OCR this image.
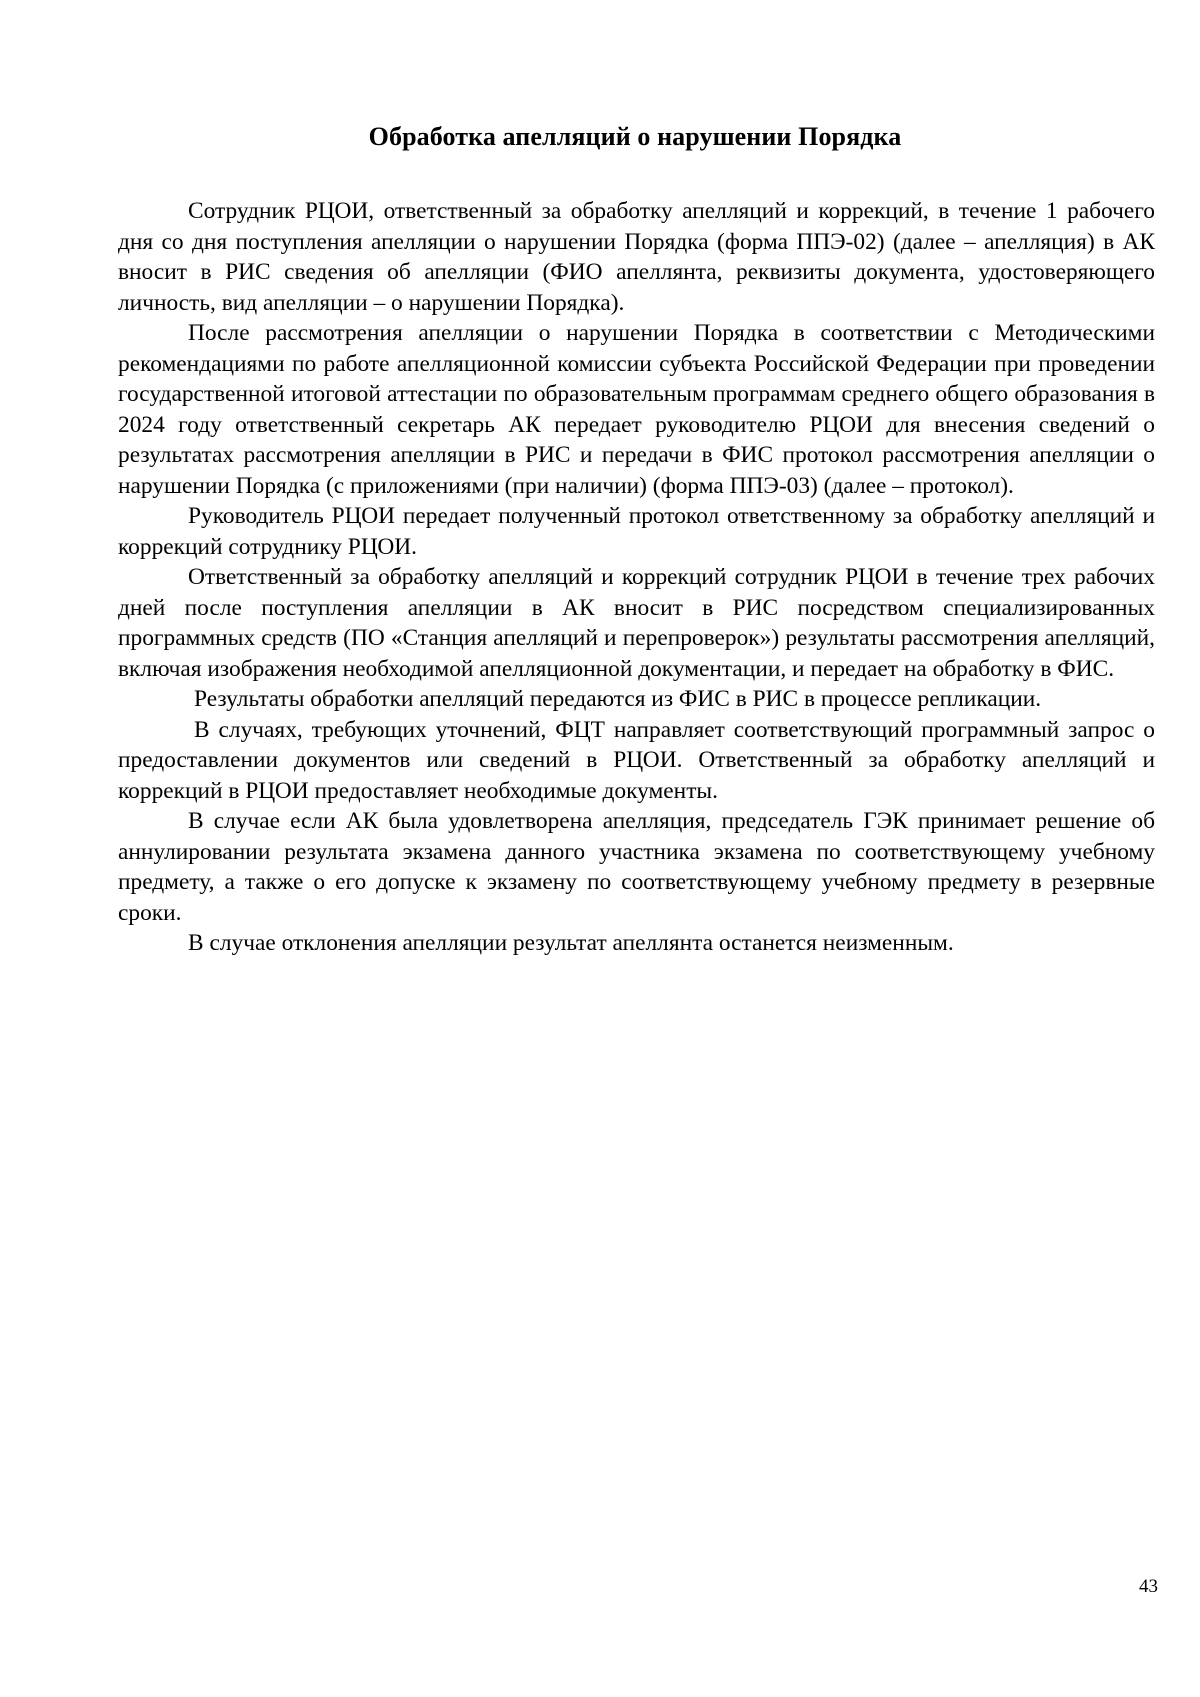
Обработка апелляций о нарушении Порядка

Сотрудник РЦОИ, ответственный за обработку апелляций и коррекций, в течение 1 рабочего дня со дня поступления апелляции о нарушении Порядка (форма ППЭ-02) (далее – апелляция) в АК вносит в РИС сведения об апелляции (ФИО апеллянта, реквизиты документа, удостоверяющего личность, вид апелляции – о нарушении Порядка).

После рассмотрения апелляции о нарушении Порядка в соответствии с Методическими рекомендациями по работе апелляционной комиссии субъекта Российской Федерации при проведении государственной итоговой аттестации по образовательным программам среднего общего образования в 2024 году ответственный секретарь АК передает руководителю РЦОИ для внесения сведений о результатах рассмотрения апелляции в РИС и передачи в ФИС протокол рассмотрения апелляции о нарушении Порядка (с приложениями (при наличии) (форма ППЭ-03) (далее – протокол).

Руководитель РЦОИ передает полученный протокол ответственному за обработку апелляций и коррекций сотруднику РЦОИ.

Ответственный за обработку апелляций и коррекций сотрудник РЦОИ в течение трех рабочих дней после поступления апелляции в АК вносит в РИС посредством специализированных программных средств (ПО «Станция апелляций и перепроверок») результаты рассмотрения апелляций, включая изображения необходимой апелляционной документации, и передает на обработку в ФИС.

Результаты обработки апелляций передаются из ФИС в РИС в процессе репликации.

В случаях, требующих уточнений, ФЦТ направляет соответствующий программный запрос о предоставлении документов или сведений в РЦОИ. Ответственный за обработку апелляций и коррекций в РЦОИ предоставляет необходимые документы.

В случае если АК была удовлетворена апелляция, председатель ГЭК принимает решение об аннулировании результата экзамена данного участника экзамена по соответствующему учебному предмету, а также о его допуске к экзамену по соответствующему учебному предмету в резервные сроки.

В случае отклонения апелляции результат апеллянта останется неизменным.

43
